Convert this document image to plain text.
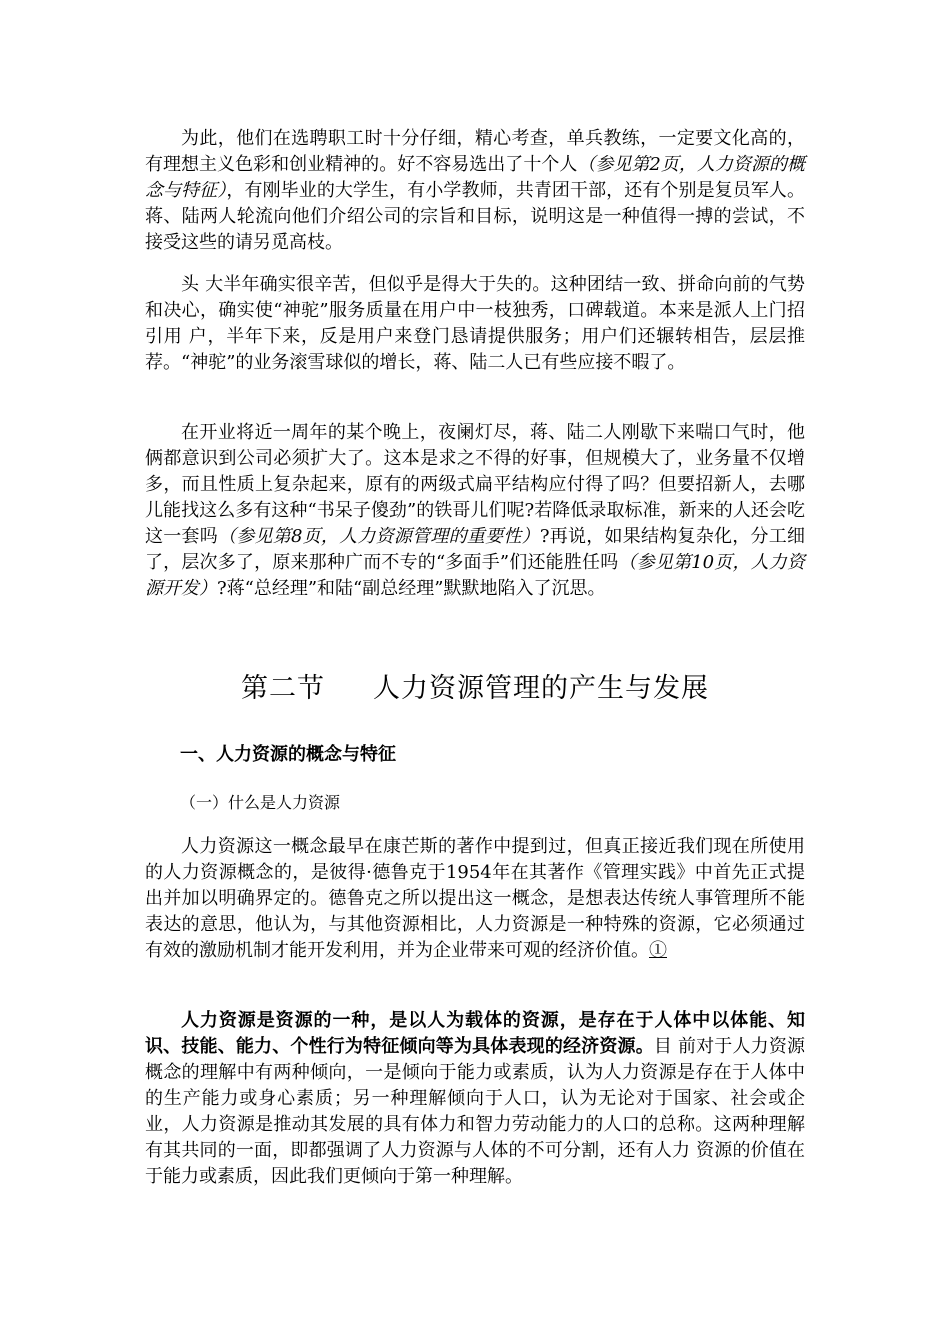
为此，他们在选聘职工时十分仔细，精心考查，单兵教练，一定要文化高的，有理想主义色彩和创业精神的。好不容易选出了十个人（参见第2页，人力资源的概念与特征），有刚毕业的大学生，有小学教师，共青团干部，还有个别是复员军人。蒋、陆两人轮流向他们介绍公司的宗旨和目标，说明这是一种值得一搏的尝试，不接受这些的请另觅高枝。

头 大半年确实很辛苦，但似乎是得大于失的。这种团结一致、拼命向前的气势和决心，确实使“神驼”服务质量在用户中一枝独秀，口碑载道。本来是派人上门招引用 户，半年下来，反是用户来登门恳请提供服务；用户们还辗转相告，层层推荐。“神驼”的业务滚雪球似的增长，蒋、陆二人已有些应接不暇了。

在开业将近一周年的某个晚上，夜阑灯尽，蒋、陆二人刚歇下来喘口气时，他俩都意识到公司必须扩大了。这本是求之不得的好事，但规模大了，业务量不仅增多，而且性质上复杂起来，原有的两级式扁平结构应付得了吗？但要招新人，去哪儿能找这么多有这种“书呆子傻劲”的铁哥儿们呢?若降低录取标准，新来的人还会吃这一套吗（参见第8页，人力资源管理的重要性）?再说，如果结构复杂化，分工细了，层次多了，原来那种广而不专的“多面手”们还能胜任吗（参见第10页，人力资源开发）?蒋“总经理”和陆“副总经理”默默地陷入了沉思。

第二节 人力资源管理的产生与发展
一、人力资源的概念与特征
（一）什么是人力资源

人力资源这一概念最早在康芒斯的著作中提到过，但真正接近我们现在所使用的人力资源概念的，是彼得·德鲁克于1954年在其著作《管理实践》中首先正式提出并加以明确界定的。德鲁克之所以提出这一概念，是想表达传统人事管理所不能表达的意思，他认为，与其他资源相比，人力资源是一种特殊的资源，它必须通过有效的激励机制才能开发利用，并为企业带来可观的经济价值。①

人力资源是资源的一种，是以人为载体的资源，是存在于人体中以体能、知识、技能、能力、个性行为特征倾向等为具体表现的经济资源。目 前对于人力资源概念的理解中有两种倾向，一是倾向于能力或素质，认为人力资源是存在于人体中的生产能力或身心素质；另一种理解倾向于人口，认为无论对于国家、社会或企业，人力资源是推动其发展的具有体力和智力劳动能力的人口的总称。这两种理解有其共同的一面，即都强调了人力资源与人体的不可分割，还有人力 资源的价值在于能力或素质，因此我们更倾向于第一种理解。
